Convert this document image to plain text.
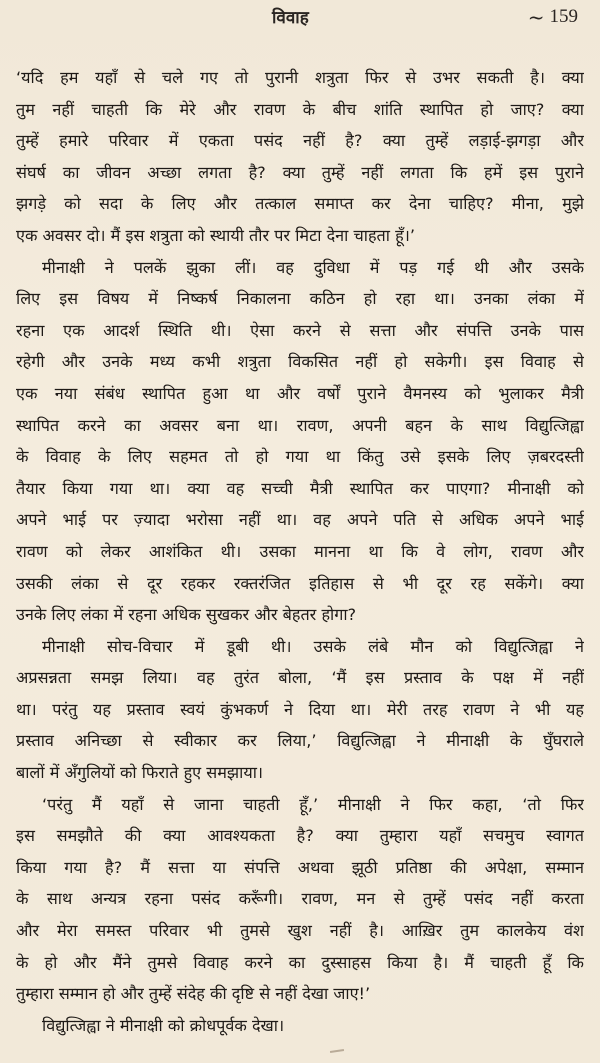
विवाह	~ 159
‘यदि हम यहाँ से चले गए तो पुरानी शत्रुता फिर से उभर सकती है। क्या
तुम नहीं चाहती कि मेरे और रावण के बीच शांति स्थापित हो जाए? क्या
तुम्हें हमारे परिवार में एकता पसंद नहीं है? क्या तुम्हें लड़ाई-झगड़ा और
संघर्ष का जीवन अच्छा लगता है? क्या तुम्हें नहीं लगता कि हमें इस पुराने
झगड़े को सदा के लिए और तत्काल समाप्त कर देना चाहिए? मीना, मुझे
एक अवसर दो। मैं इस शत्रुता को स्थायी तौर पर मिटा देना चाहता हूँ।’
मीनाक्षी ने पलकें झुका लीं। वह दुविधा में पड़ गई थी और उसके
लिए इस विषय में निष्कर्ष निकालना कठिन हो रहा था। उनका लंका में
रहना एक आदर्श स्थिति थी। ऐसा करने से सत्ता और संपत्ति उनके पास
रहेगी और उनके मध्य कभी शत्रुता विकसित नहीं हो सकेगी। इस विवाह से
एक नया संबंध स्थापित हुआ था और वर्षों पुराने वैमनस्य को भुलाकर मैत्री
स्थापित करने का अवसर बना था। रावण, अपनी बहन के साथ विद्युत्जिह्वा
के विवाह के लिए सहमत तो हो गया था किंतु उसे इसके लिए ज़बरदस्ती
तैयार किया गया था। क्या वह सच्ची मैत्री स्थापित कर पाएगा? मीनाक्षी को
अपने भाई पर ज़्यादा भरोसा नहीं था। वह अपने पति से अधिक अपने भाई
रावण को लेकर आशंकित थी। उसका मानना था कि वे लोग, रावण और
उसकी लंका से दूर रहकर रक्तरंजित इतिहास से भी दूर रह सकेंगे। क्या
उनके लिए लंका में रहना अधिक सुखकर और बेहतर होगा?
मीनाक्षी सोच-विचार में डूबी थी। उसके लंबे मौन को विद्युत्जिह्वा ने
अप्रसन्नता समझ लिया। वह तुरंत बोला, ‘मैं इस प्रस्ताव के पक्ष में नहीं
था। परंतु यह प्रस्ताव स्वयं कुंभकर्ण ने दिया था। मेरी तरह रावण ने भी यह
प्रस्ताव अनिच्छा से स्वीकार कर लिया,’ विद्युत्जिह्वा ने मीनाक्षी के घुँघराले
बालों में अँगुलियों को फिराते हुए समझाया।
‘परंतु मैं यहाँ से जाना चाहती हूँ,’ मीनाक्षी ने फिर कहा, ‘तो फिर
इस समझौते की क्या आवश्यकता है? क्या तुम्हारा यहाँ सचमुच स्वागत
किया गया है? मैं सत्ता या संपत्ति अथवा झूठी प्रतिष्ठा की अपेक्षा, सम्मान
के साथ अन्यत्र रहना पसंद करूँगी। रावण, मन से तुम्हें पसंद नहीं करता
और मेरा समस्त परिवार भी तुमसे खुश नहीं है। आख़िर तुम कालकेय वंश
के हो और मैंने तुमसे विवाह करने का दुस्साहस किया है। मैं चाहती हूँ कि
तुम्हारा सम्मान हो और तुम्हें संदेह की दृष्टि से नहीं देखा जाए!’
विद्युत्जिह्वा ने मीनाक्षी को क्रोधपूर्वक देखा।
